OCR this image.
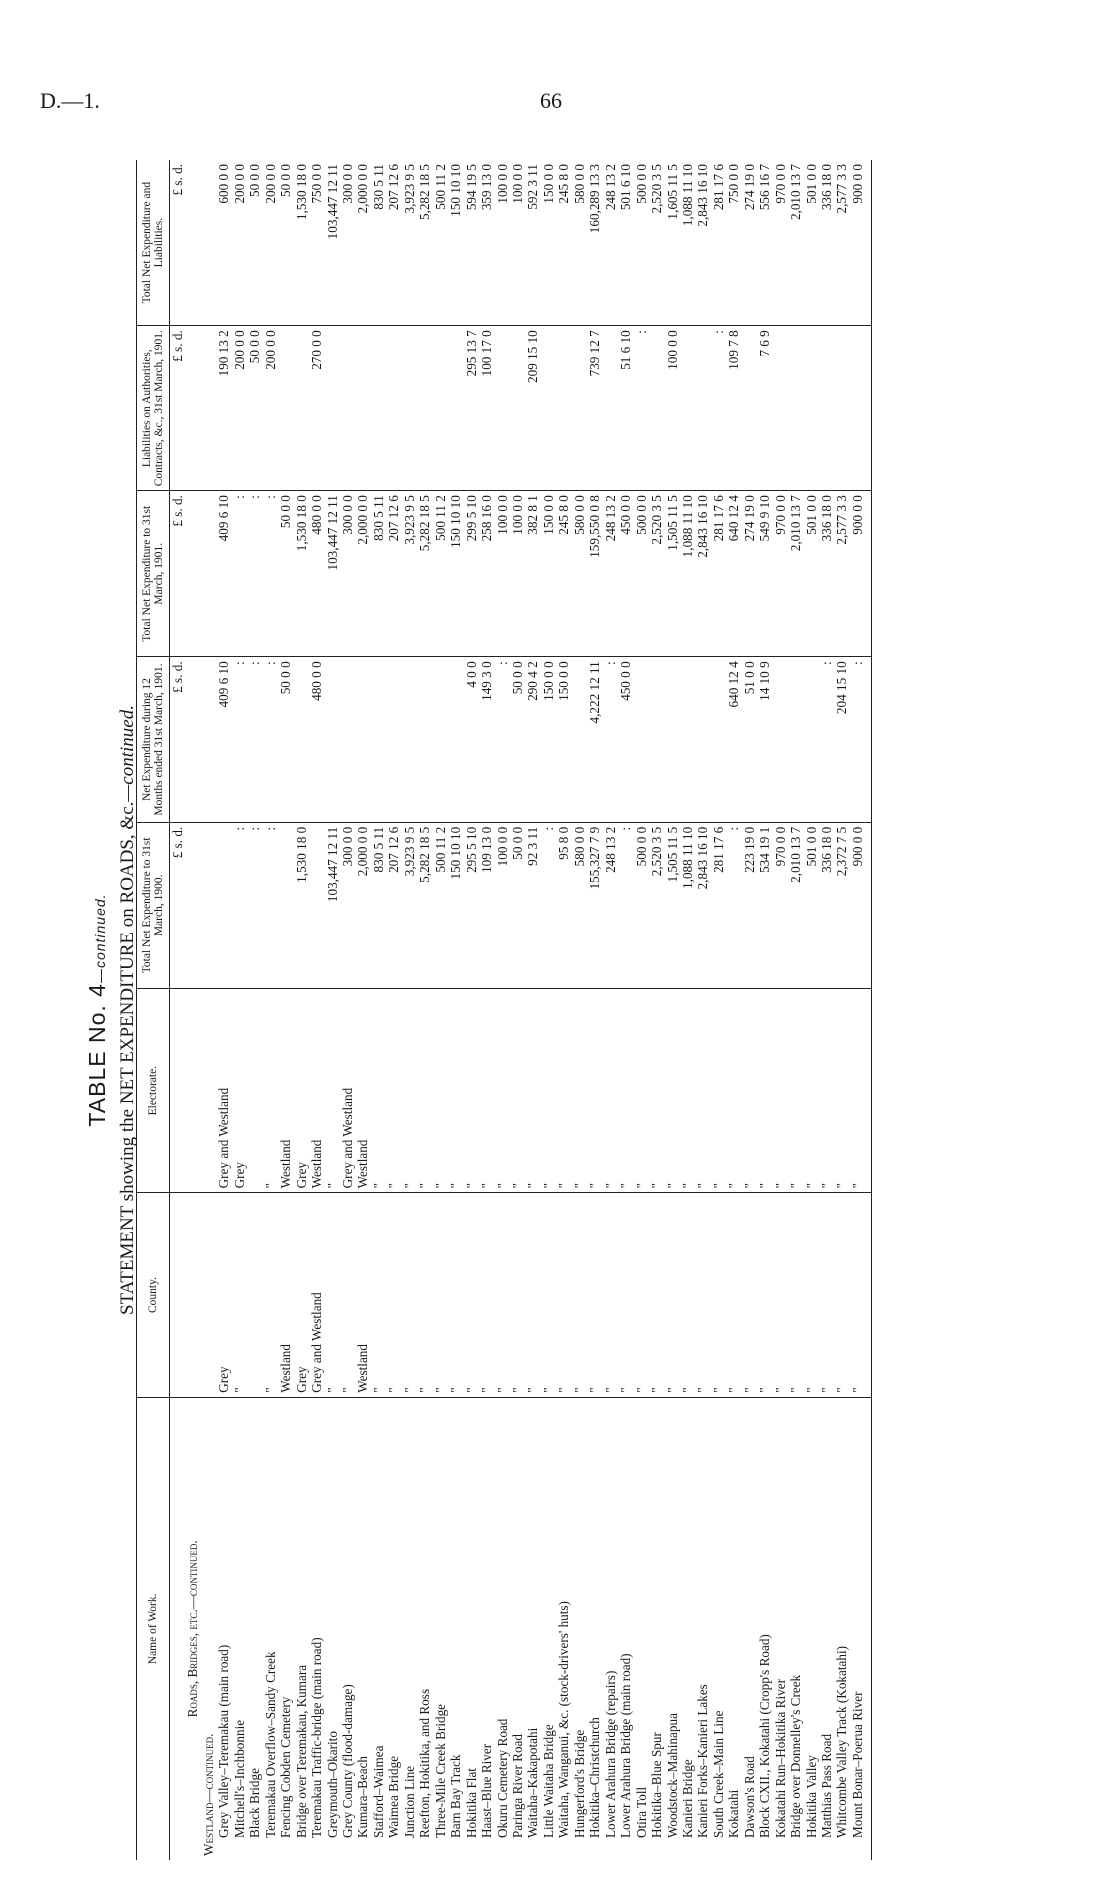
D.—1.	66
TABLE No. 4—continued. STATEMENT showing the NET EXPENDITURE on ROADS, &c.—continued.
Name of Work.	County.	Electorate.	Total Net Expenditure to 31st March, 1900.	Net Expenditure during 12 Months ended 31st March, 1901.	Total Net Expenditure to 31st March, 1901.	Liabilities on Authorities, Contracts, &c., 31st March, 1901.	Total Net Expenditure and Liabilities.
			£ s. d.	£ s. d.	£ s. d.	£ s. d.	£ s. d.
Roads, Bridges, etc.—continued.							
Westland—continued.							
Grey Valley–Teremakau (main road)	Grey	Grey and Westland		409 6 10	409 6 10	190 13 2	600 0 0
Mitchell's–Inchbonnie	"	Grey	:	:	:	200 0 0	200 0 0
Black Bridge			:	:	:	50 0 0	50 0 0
Teremakau Overflow–Sandy Creek	"	"	:	:	:	200 0 0	200 0 0
Fencing Cobden Cemetery	Westland	Westland		50 0 0	50 0 0		50 0 0
Bridge over Teremakau, Kumara	Grey	Grey	1,530 18 0		1,530 18 0		1,530 18 0
Teremakau Traffic-bridge (main road)	Grey and Westland	Westland		480 0 0	480 0 0	270 0 0	750 0 0
Greymouth–Okarito	"	"	103,447 12 11		103,447 12 11		103,447 12 11
Grey County (flood-damage)	"	Grey and Westland	300 0 0		300 0 0		300 0 0
Kumara–Beach	Westland	Westland	2,000 0 0		2,000 0 0		2,000 0 0
Stafford–Waimea	"	"	830 5 11		830 5 11		830 5 11
Waimea Bridge	"	"	207 12 6		207 12 6		207 12 6
Junction Line	"	"	3,923 9 5		3,923 9 5		3,923 9 5
Reefton, Hokitika, and Ross	"	"	5,282 18 5		5,282 18 5		5,282 18 5
Three-Mile Creek Bridge	"	"	500 11 2		500 11 2		500 11 2
Barn Bay Track	"	"	150 10 10		150 10 10		150 10 10
Hokitika Flat	"	"	295 5 10	4 0 0	299 5 10	295 13 7	594 19 5
Haast–Blue River	"	"	109 13 0	149 3 0	258 16 0	100 17 0	359 13 0
Okuru Cemetery Road	"	"	100 0 0	:	100 0 0		100 0 0
Paringa River Road	"	"	50 0 0	50 0 0	100 0 0		100 0 0
Waitaha–Kakapotahi	"	"	92 3 11	290 4 2	382 8 1	209 15 10	592 3 11
Little Waitaha Bridge	"	"	:	150 0 0	150 0 0		150 0 0
Waitaha, Wanganui, &c. (stock-drivers' huts)	"	"	95 8 0	150 0 0	245 8 0		245 8 0
Hungerford's Bridge	"	"	580 0 0		580 0 0		580 0 0
Hokitika–Christchurch	"	"	155,327 7 9	4,222 12 11	159,550 0 8	739 12 7	160,289 13 3
Lower Arahura Bridge (repairs)	"	"	248 13 2	:	248 13 2		248 13 2
Lower Arahura Bridge (main road)	"	"	:	450 0 0	450 0 0	51 6 10	501 6 10
Otira Toll	"	"	500 0 0		500 0 0	:	500 0 0
Hokitika–Blue Spur	"	"	2,520 3 5		2,520 3 5		2,520 3 5
Woodstock–Mahinapua	"	"	1,505 11 5		1,505 11 5	100 0 0	1,605 11 5
Kanieri Bridge	"	"	1,088 11 10		1,088 11 10		1,088 11 10
Kanieri Forks–Kanieri Lakes	"	"	2,843 16 10		2,843 16 10		2,843 16 10
South Creek–Main Line	"	"	281 17 6		281 17 6	:	281 17 6
Kokatahi	"	"	:	640 12 4	640 12 4	109 7 8	750 0 0
Dawson's Road	"	"	223 19 0	51 0 0	274 19 0		274 19 0
Block CXII., Kokatahi (Cropp's Road)	"	"	534 19 1	14 10 9	549 9 10	7 6 9	556 16 7
Kokatahi Run–Hokitika River	"	"	970 0 0		970 0 0		970 0 0
Bridge over Donnelley's Creek	"	"	2,010 13 7		2,010 13 7		2,010 13 7
Hokitika Valley	"	"	501 0 0		501 0 0		501 0 0
Matthias Pass Road	"	"	336 18 0	:	336 18 0		336 18 0
Whitcombe Valley Track (Kokatahi)	"	"	2,372 7 5	204 15 10	2,577 3 3		2,577 3 3
Mount Bonar–Poerua River	"	"	900 0 0	:	900 0 0		900 0 0
